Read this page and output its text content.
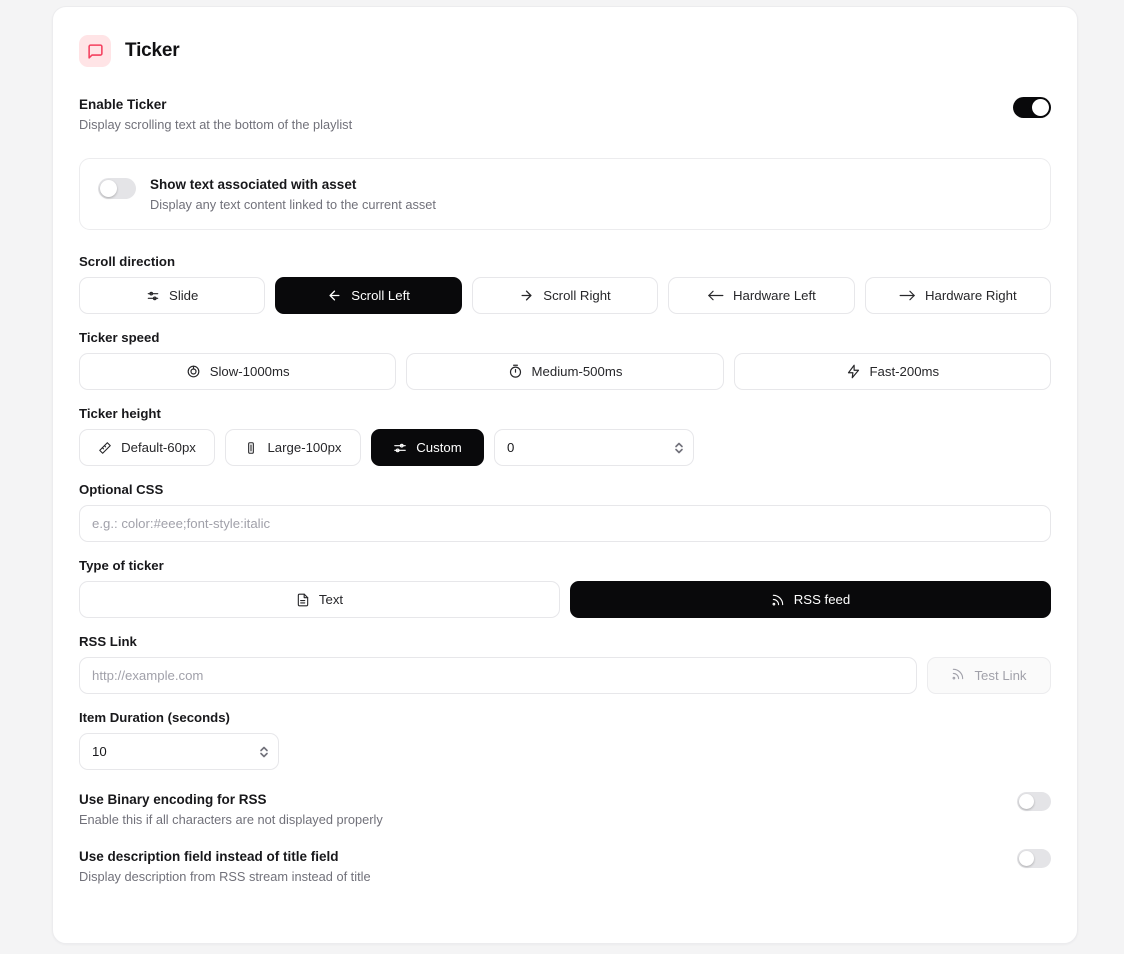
Ticker
Enable Ticker
Display scrolling text at the bottom of the playlist
Show text associated with asset
Display any text content linked to the current asset
Scroll direction
Slide	Scroll Left	Scroll Right	Hardware Left	Hardware Right
Ticker speed
Slow-1000ms	Medium-500ms	Fast-200ms
Ticker height
Default-60px	Large-100px	Custom
0
Optional CSS
e.g.: color:#eee;font-style:italic
Type of ticker
Text	RSS feed
RSS Link
http://example.com
Test Link
Item Duration (seconds)
10
Use Binary encoding for RSS
Enable this if all characters are not displayed properly
Use description field instead of title field
Display description from RSS stream instead of title
